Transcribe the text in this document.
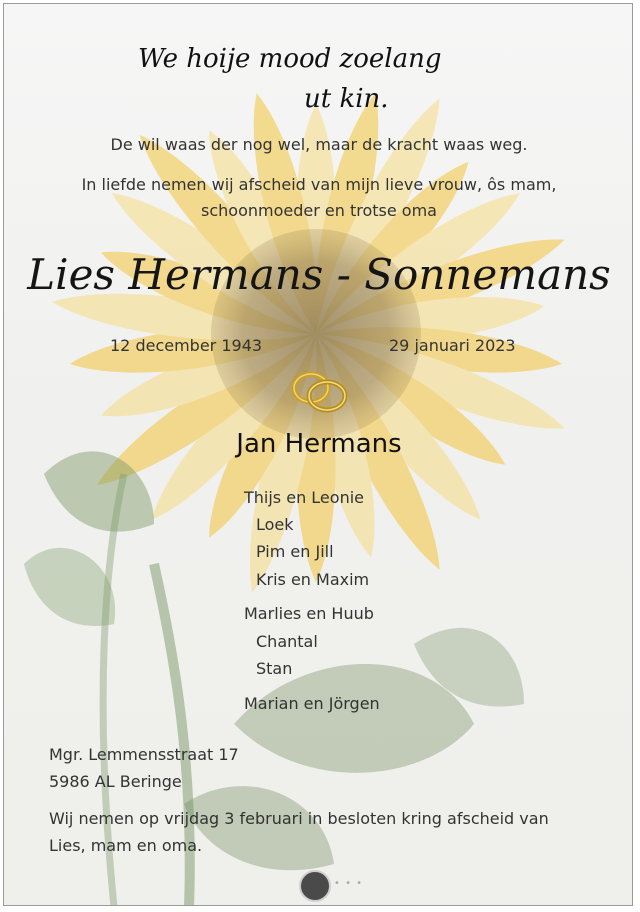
We hoije mood zoelang
ut kin.
De wil waas der nog wel, maar de kracht waas weg.
In liefde nemen wij afscheid van mijn lieve vrouw, ôs mam,
schoonmoeder en trotse oma
Lies Hermans - Sonnemans
12 december 1943	29 januari 2023
Jan Hermans
Thijs en Leonie
Loek
Pim en Jill
Kris en Maxim
Marlies en Huub
Chantal
Stan
Marian en Jörgen
Mgr. Lemmensstraat 17
5986 AL Beringe
Wij nemen op vrijdag 3 februari in besloten kring afscheid van
Lies, mam en oma.
• • •
